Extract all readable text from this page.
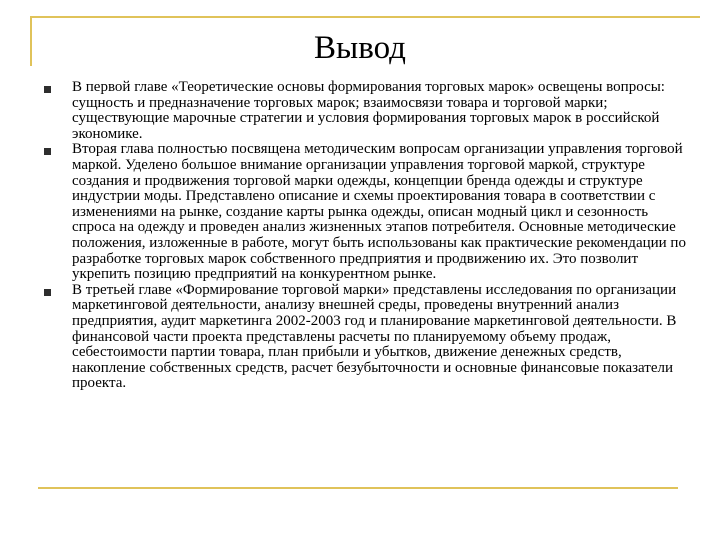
Вывод
В первой главе «Теоретические основы формирования торговых марок» освещены вопросы: сущность и предназначение торговых марок; взаимосвязи товара и торговой марки; существующие марочные стратегии и условия формирования торговых марок в российской экономике.
Вторая глава полностью посвящена методическим вопросам организации управления торговой маркой. Уделено большое внимание организации управления торговой маркой, структуре создания и продвижения торговой марки одежды, концепции бренда одежды и структуре индустрии моды. Представлено описание и схемы проектирования товара в соответствии с изменениями на рынке, создание карты рынка одежды, описан модный цикл и сезонность спроса на одежду и проведен анализ жизненных этапов потребителя. Основные методические положения, изложенные в работе, могут быть использованы как практические рекомендации по разработке торговых марок собственного предприятия и продвижению их. Это позволит укрепить позицию предприятий на конкурентном рынке.
В третьей главе «Формирование торговой марки» представлены исследования по организации маркетинговой деятельности, анализу внешней среды, проведены внутренний анализ предприятия, аудит маркетинга 2002-2003 год и планирование маркетинговой деятельности. В финансовой части проекта представлены расчеты по планируемому объему продаж, себестоимости партии товара, план прибыли и убытков, движение денежных средств, накопление собственных средств, расчет безубыточности и основные финансовые показатели проекта.
